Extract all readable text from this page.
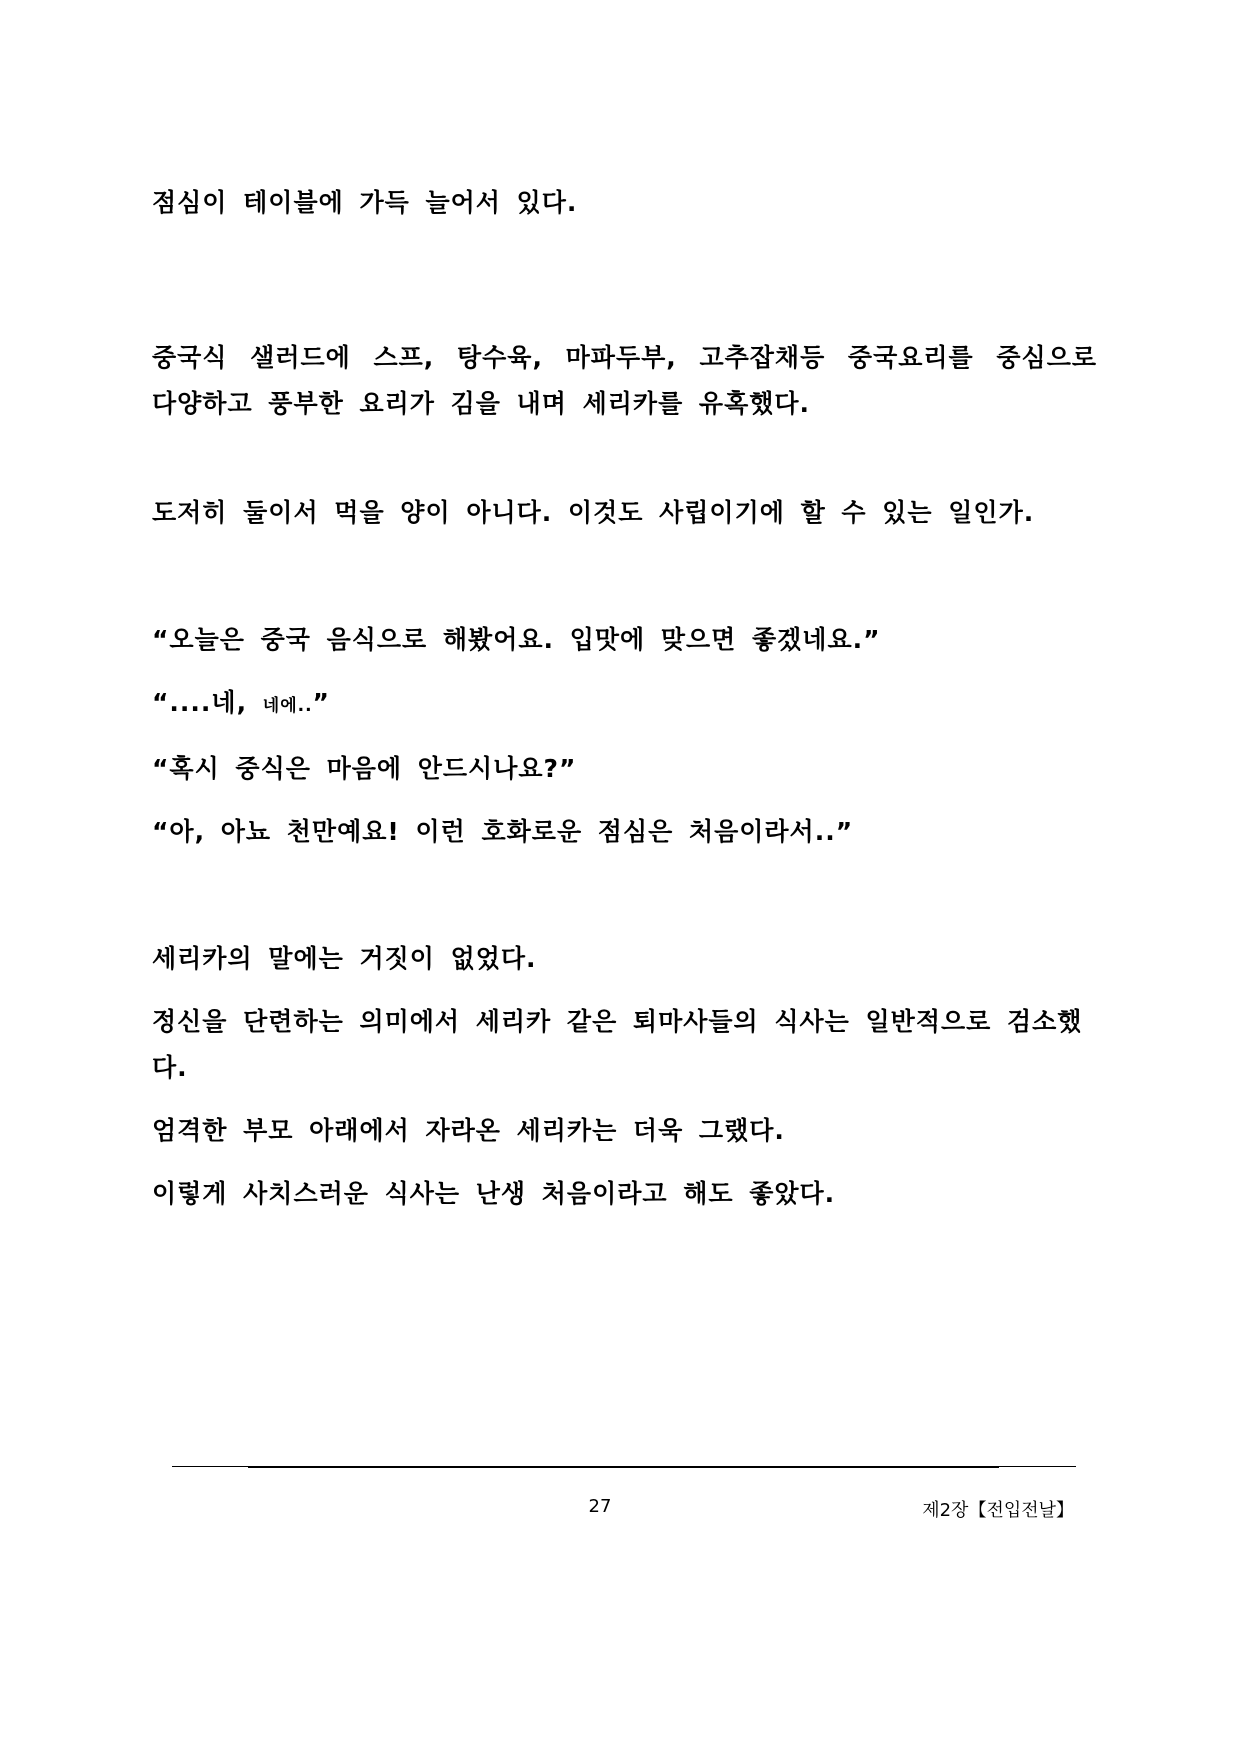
점심이 테이블에 가득 늘어서 있다.

중국식 샐러드에 스프, 탕수육, 마파두부, 고추잡채등 중국요리를 중심으로
다양하고 풍부한 요리가 김을 내며 세리카를 유혹했다.

도저히 둘이서 먹을 양이 아니다. 이것도 사립이기에 할 수 있는 일인가.

“오늘은 중국 음식으로 해봤어요. 입맛에 맞으면 좋겠네요.”

“....네, 네에..”

“혹시 중식은 마음에 안드시나요?”

“아, 아뇨 천만예요! 이런 호화로운 점심은 처음이라서..”

세리카의 말에는 거짓이 없었다.

정신을 단련하는 의미에서 세리카 같은 퇴마사들의 식사는 일반적으로 검소했다.

엄격한 부모 아래에서 자라온 세리카는 더욱 그랬다.

이렇게 사치스러운 식사는 난생 처음이라고 해도 좋았다.

27	제2장【전입전날】
